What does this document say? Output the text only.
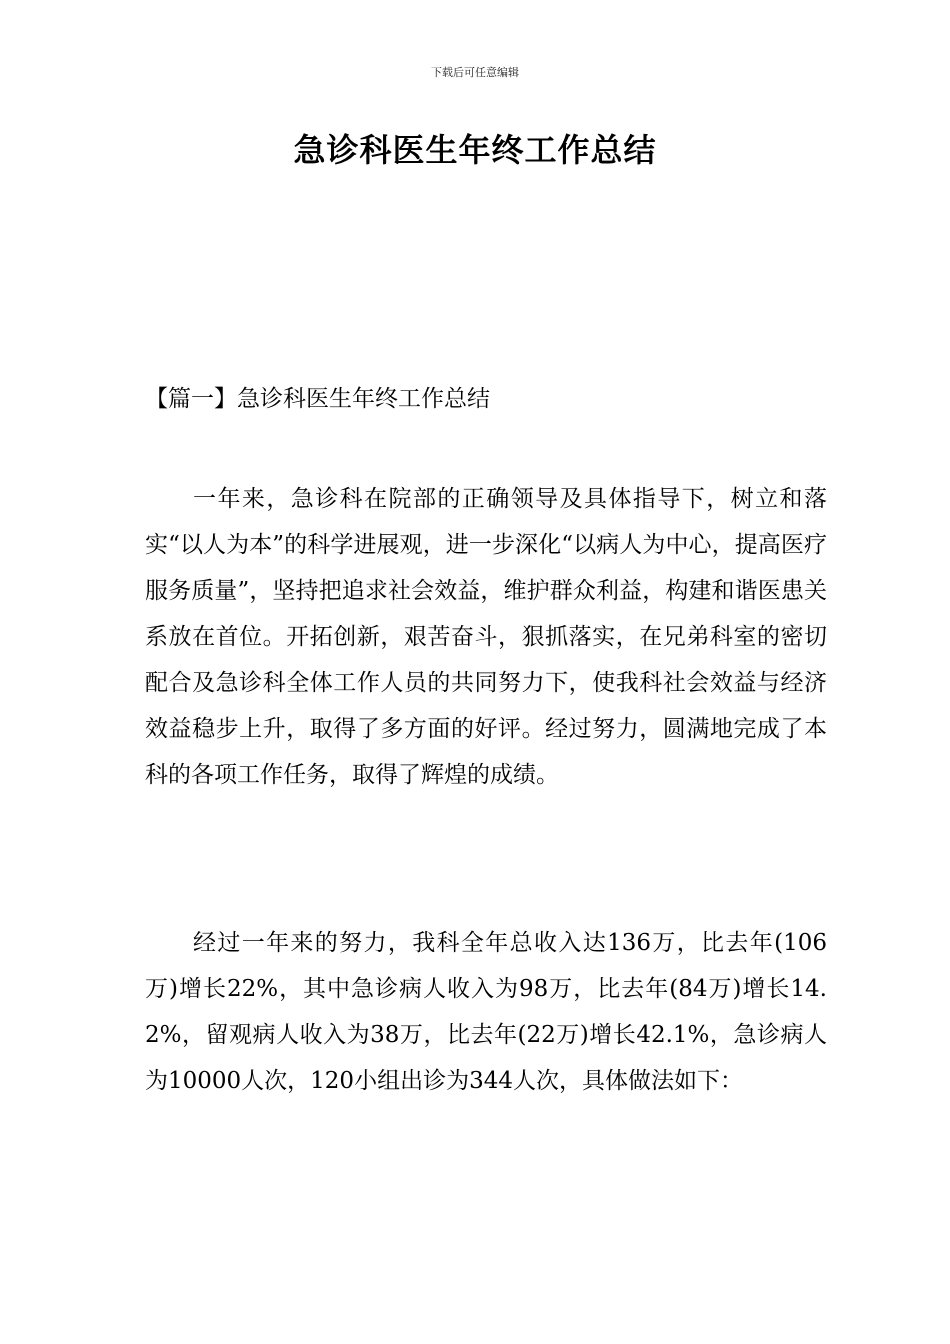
下载后可任意编辑
急诊科医生年终工作总结
【篇一】急诊科医生年终工作总结

一年来，急诊科在院部的正确领导及具体指导下，树立和落实“以人为本”的科学进展观，进一步深化“以病人为中心，提高医疗服务质量”，坚持把追求社会效益，维护群众利益，构建和谐医患关系放在首位。开拓创新，艰苦奋斗，狠抓落实，在兄弟科室的密切配合及急诊科全体工作人员的共同努力下，使我科社会效益与经济效益稳步上升，取得了多方面的好评。经过努力，圆满地完成了本科的各项工作任务，取得了辉煌的成绩。

经过一年来的努力，我科全年总收入达136万，比去年(106万)增长22%，其中急诊病人收入为98万，比去年(84万)增长14.2%，留观病人收入为38万，比去年(22万)增长42.1%，急诊病人为10000人次，120小组出诊为344人次，具体做法如下：
